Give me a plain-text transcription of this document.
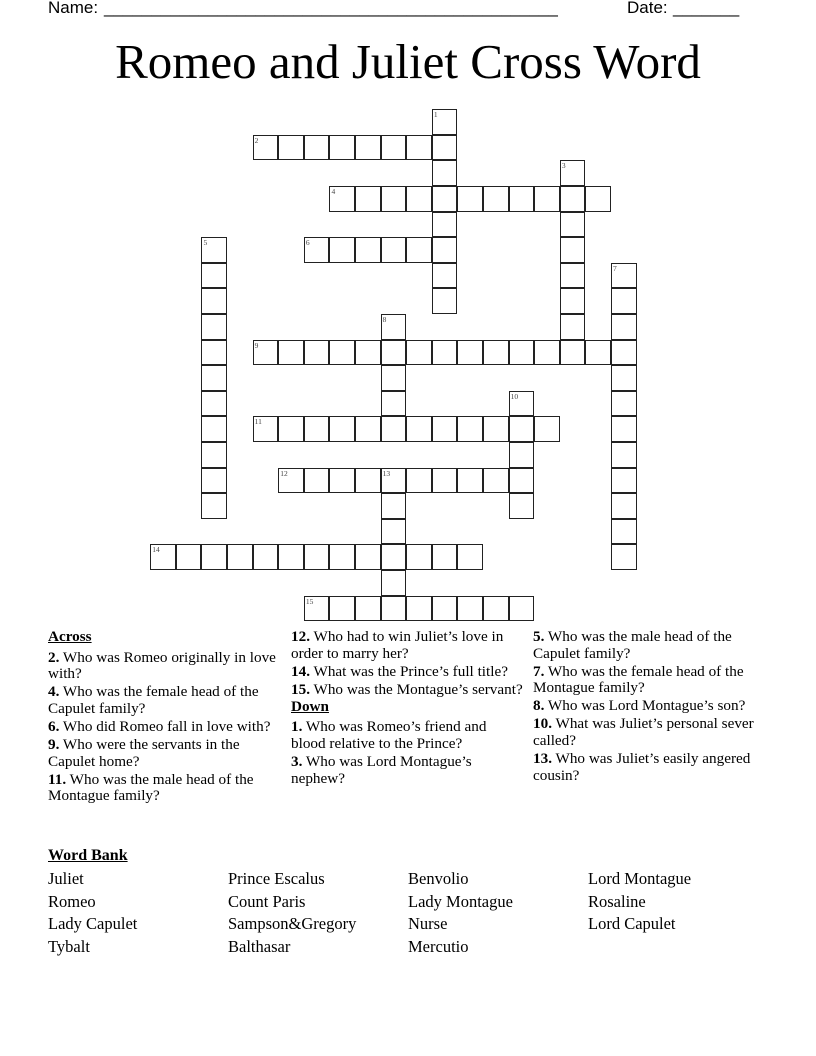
Name: ________________________________________________	Date: _______
Romeo and Juliet Cross Word
1
2
3
4
5	6
7
8
9
10
11
12	13
14
15
Across
2. Who was Romeo originally in love with?
4. Who was the female head of the Capulet family?
6. Who did Romeo fall in love with?
9. Who were the servants in the Capulet home?
11. Who was the male head of the Montague family?
12. Who had to win Juliet’s love in order to marry her?
14. What was the Prince’s full title?
15. Who was the Montague’s servant?
Down
1. Who was Romeo’s friend and blood relative to the Prince?
3. Who was Lord Montague’s nephew?
5. Who was the male head of the Capulet family?
7. Who was the female head of the Montague family?
8. Who was Lord Montague’s son?
10. What was Juliet’s personal sever called?
13. Who was Juliet’s easily angered cousin?
Word Bank
Juliet
Romeo
Lady Capulet
Tybalt
Prince Escalus
Count Paris
Sampson&Gregory
Balthasar
Benvolio
Lady Montague
Nurse
Mercutio
Lord Montague
Rosaline
Lord Capulet
